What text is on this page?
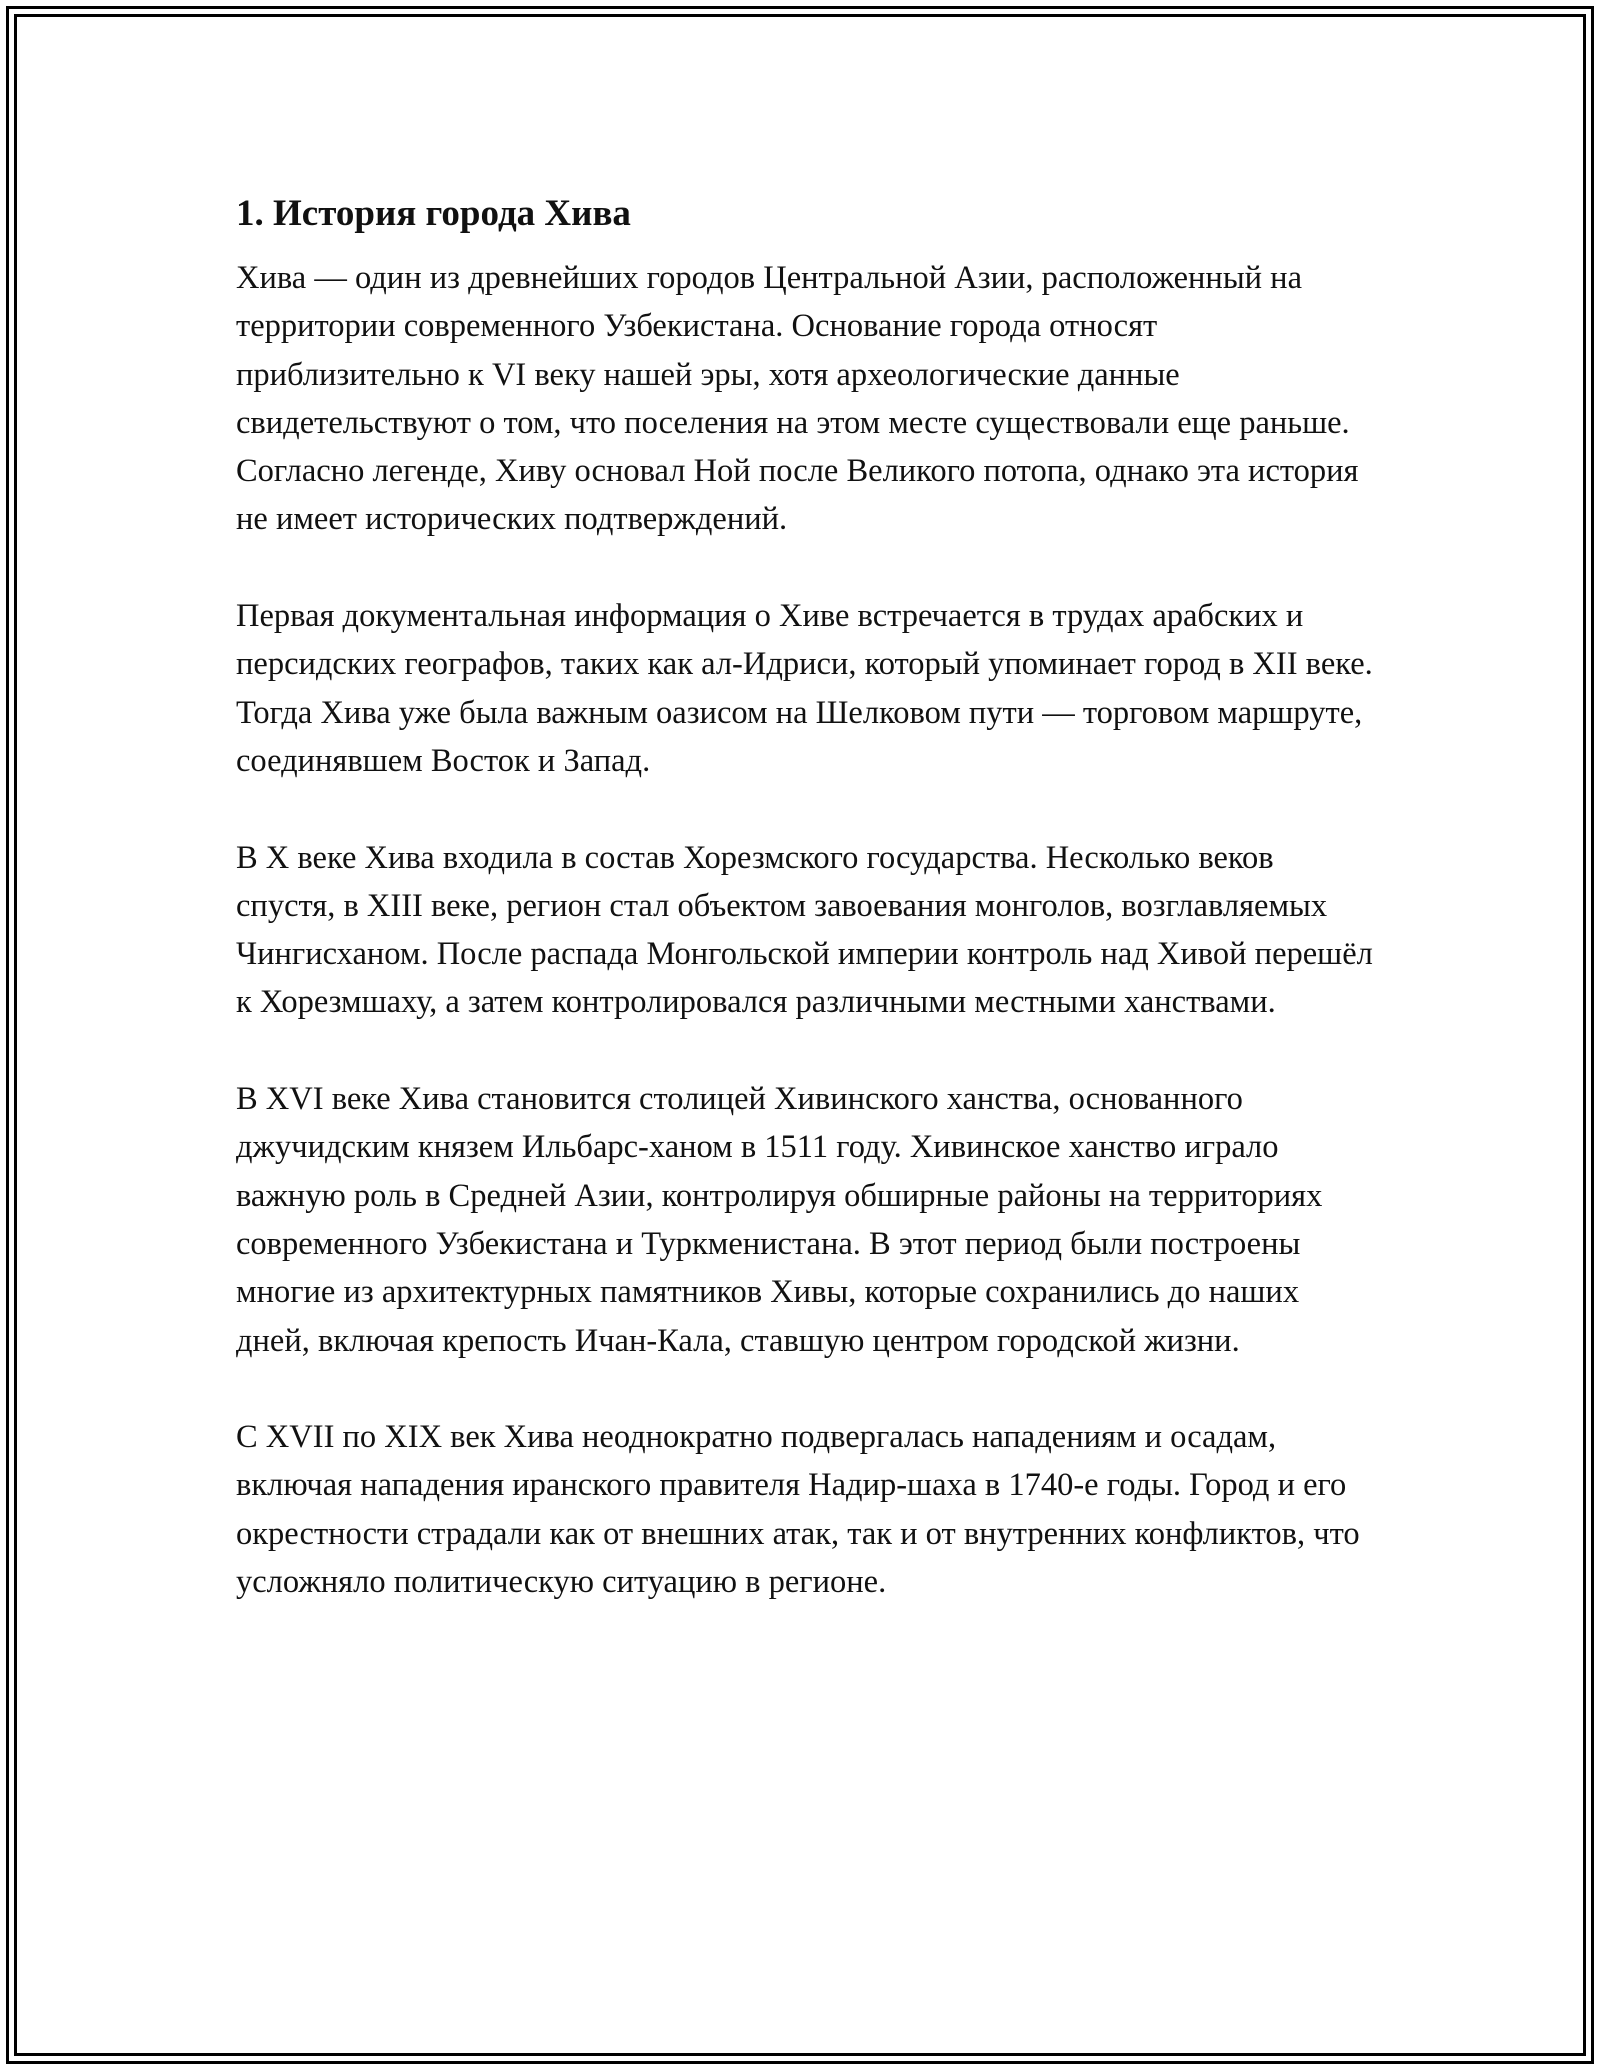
1. История города Хива

Хива — один из древнейших городов Центральной Азии, расположенный на территории современного Узбекистана. Основание города относят приблизительно к VI веку нашей эры, хотя археологические данные свидетельствуют о том, что поселения на этом месте существовали еще раньше. Согласно легенде, Хиву основал Ной после Великого потопа, однако эта история не имеет исторических подтверждений.

Первая документальная информация о Хиве встречается в трудах арабских и персидских географов, таких как ал-Идриси, который упоминает город в XII веке. Тогда Хива уже была важным оазисом на Шелковом пути — торговом маршруте, соединявшем Восток и Запад.

В X веке Хива входила в состав Хорезмского государства. Несколько веков спустя, в XIII веке, регион стал объектом завоевания монголов, возглавляемых Чингисханом. После распада Монгольской империи контроль над Хивой перешёл к Хорезмшаху, а затем контролировался различными местными ханствами.

В XVI веке Хива становится столицей Хивинского ханства, основанного джучидским князем Ильбарс-ханом в 1511 году. Хивинское ханство играло важную роль в Средней Азии, контролируя обширные районы на территориях современного Узбекистана и Туркменистана. В этот период были построены многие из архитектурных памятников Хивы, которые сохранились до наших дней, включая крепость Ичан-Кала, ставшую центром городской жизни.

С XVII по XIX век Хива неоднократно подвергалась нападениям и осадам, включая нападения иранского правителя Надир-шаха в 1740-е годы. Город и его окрестности страдали как от внешних атак, так и от внутренних конфликтов, что усложняло политическую ситуацию в регионе.
